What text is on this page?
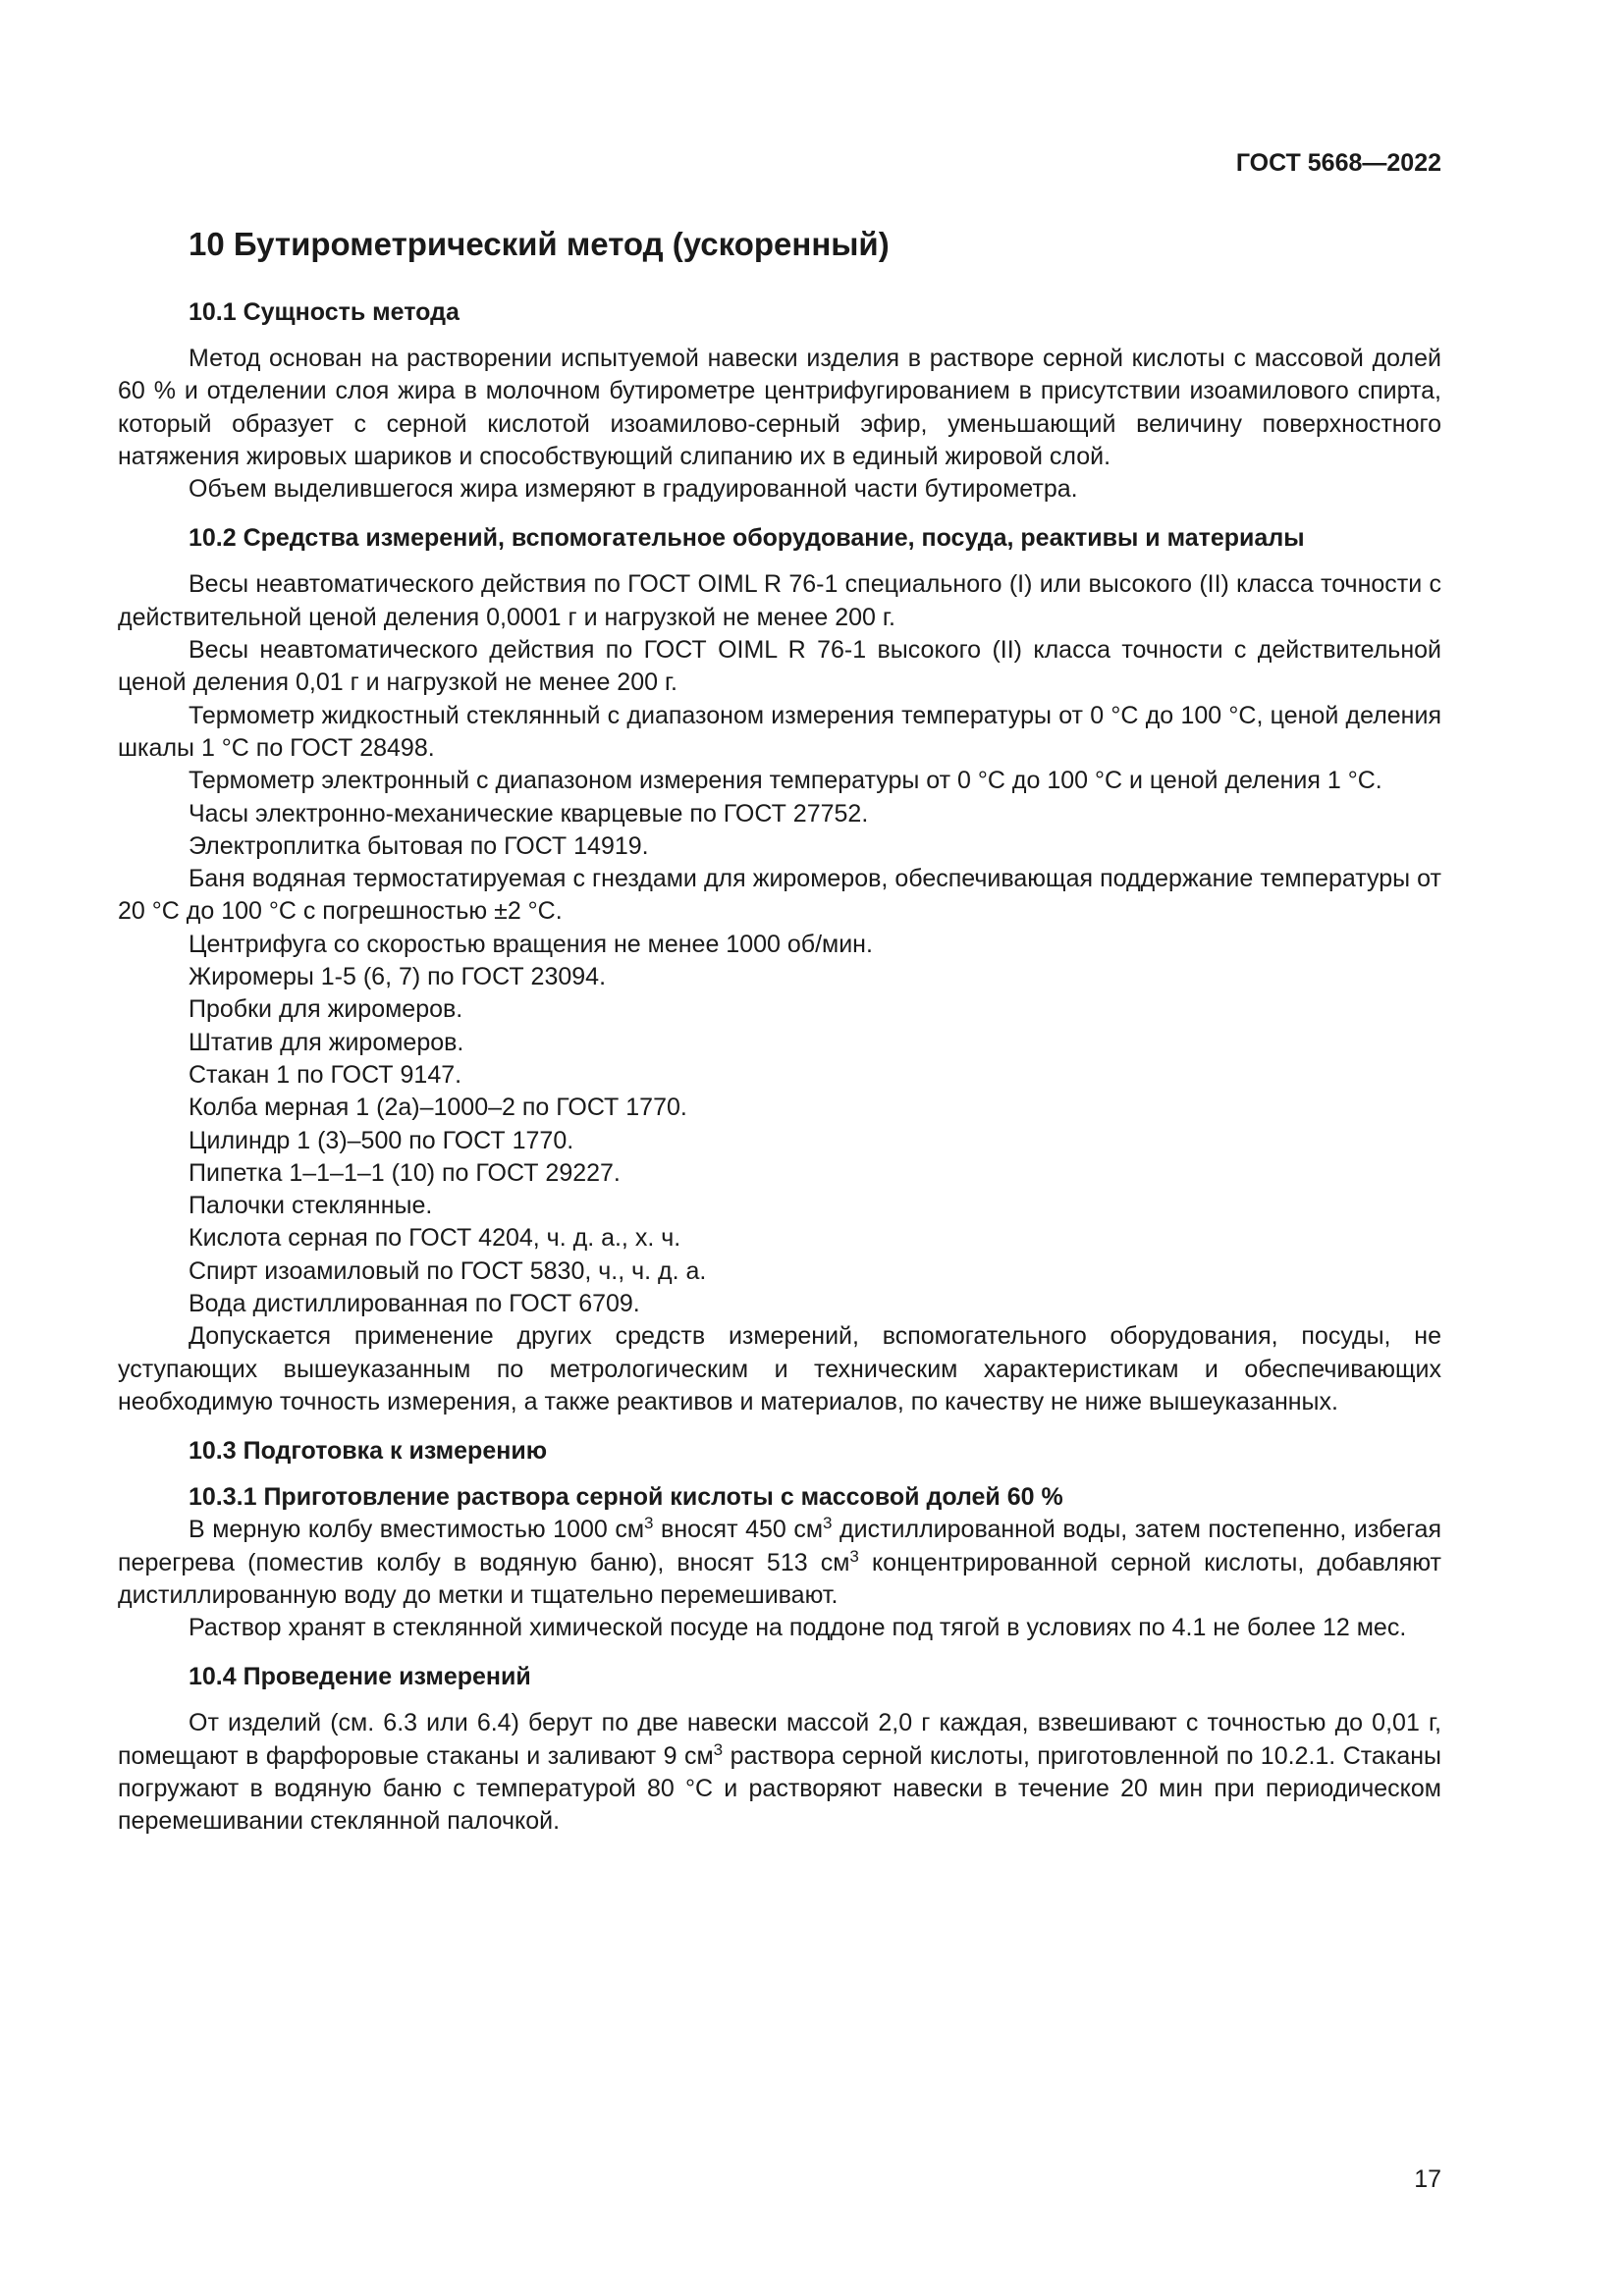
ГОСТ 5668—2022
10 Бутирометрический метод (ускоренный)
10.1 Сущность метода

Метод основан на растворении испытуемой навески изделия в растворе серной кислоты с массовой долей 60 % и отделении слоя жира в молочном бутирометре центрифугированием в присутствии изоамилового спирта, который образует с серной кислотой изоамилово-серный эфир, уменьшающий величину поверхностного натяжения жировых шариков и способствующий слипанию их в единый жировой слой.

Объем выделившегося жира измеряют в градуированной части бутирометра.

10.2 Средства измерений, вспомогательное оборудование, посуда, реактивы и материалы

Весы неавтоматического действия по ГОСТ OIML R 76-1 специального (I) или высокого (II) класса точности с действительной ценой деления 0,0001 г и нагрузкой не менее 200 г.

Весы неавтоматического действия по ГОСТ OIML R 76-1 высокого (II) класса точности с действительной ценой деления 0,01 г и нагрузкой не менее 200 г.

Термометр жидкостный стеклянный с диапазоном измерения температуры от 0 °С до 100 °С, ценой деления шкалы 1 °С по ГОСТ 28498.

Термометр электронный с диапазоном измерения температуры от 0 °С до 100 °С и ценой деления 1 °С.

Часы электронно-механические кварцевые по ГОСТ 27752.

Электроплитка бытовая по ГОСТ 14919.

Баня водяная термостатируемая с гнездами для жиромеров, обеспечивающая поддержание температуры от 20 °С до 100 °С с погрешностью ±2 °С.

Центрифуга со скоростью вращения не менее 1000 об/мин.

Жиромеры 1-5 (6, 7) по ГОСТ 23094.

Пробки для жиромеров.

Штатив для жиромеров.

Стакан 1 по ГОСТ 9147.

Колба мерная 1 (2а)–1000–2 по ГОСТ 1770.

Цилиндр 1 (3)–500 по ГОСТ 1770.

Пипетка 1–1–1–1 (10) по ГОСТ 29227.

Палочки стеклянные.

Кислота серная по ГОСТ 4204, ч. д. а., х. ч.

Спирт изоамиловый по ГОСТ 5830, ч., ч. д. а.

Вода дистиллированная по ГОСТ 6709.

Допускается применение других средств измерений, вспомогательного оборудования, посуды, не уступающих вышеуказанным по метрологическим и техническим характеристикам и обеспечивающих необходимую точность измерения, а также реактивов и материалов, по качеству не ниже вышеуказанных.

10.3 Подготовка к измерению
10.3.1 Приготовление раствора серной кислоты с массовой долей 60 %

В мерную колбу вместимостью 1000 $см^3$ вносят 450 $см^3$ дистиллированной воды, затем постепенно, избегая перегрева (поместив колбу в водяную баню), вносят 513 $см^3$ концентрированной серной кислоты, добавляют дистиллированную воду до метки и тщательно перемешивают.

Раствор хранят в стеклянной химической посуде на поддоне под тягой в условиях по 4.1 не более 12 мес.

10.4 Проведение измерений

От изделий (см. 6.3 или 6.4) берут по две навески массой 2,0 г каждая, взвешивают с точностью до 0,01 г, помещают в фарфоровые стаканы и заливают 9 $см^3$ раствора серной кислоты, приготовленной по 10.2.1. Стаканы погружают в водяную баню с температурой 80 °С и растворяют навески в течение 20 мин при периодическом перемешивании стеклянной палочкой.

17
